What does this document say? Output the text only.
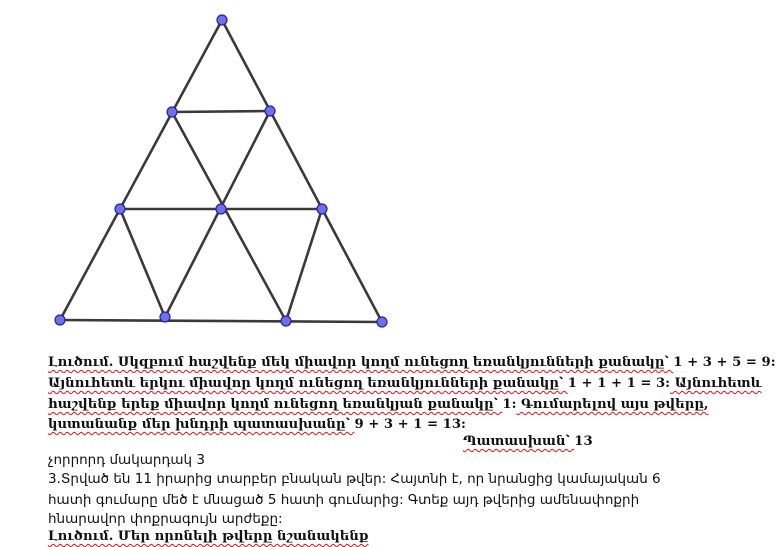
Լուծում. Սկզբում հաշվենք մեկ միավոր կողմ ունեցող եռանկյունների քանակը՝ 1 + 3 + 5 = 9:
Այնուհետև երկու միավոր կողմ ունեցող եռանկյունների քանակը՝ 1 + 1 + 1 = 3: Այնուհետև
հաշվենք երեք միավոր կողմ ունեցող եռանկյան քանակը՝ 1: Գումարելով այս թվերը,
կստանանք մեր խնդրի պատասխանը՝ 9 + 3 + 1 = 13:
Պատասխան՝ 13
չորրորդ մակարդակ 3
3.Տրված են 11 իրարից տարբեր բնական թվեր: Հայտնի է, որ նրանցից կամայական 6
հատի գումարը մեծ է մնացած 5 հատի գումարից: Գտեք այդ թվերից ամենափոքրի
հնարավոր փոքրագույն արժեքը:
Լուծում. Մեր որոնելի թվերը նշանակենք
